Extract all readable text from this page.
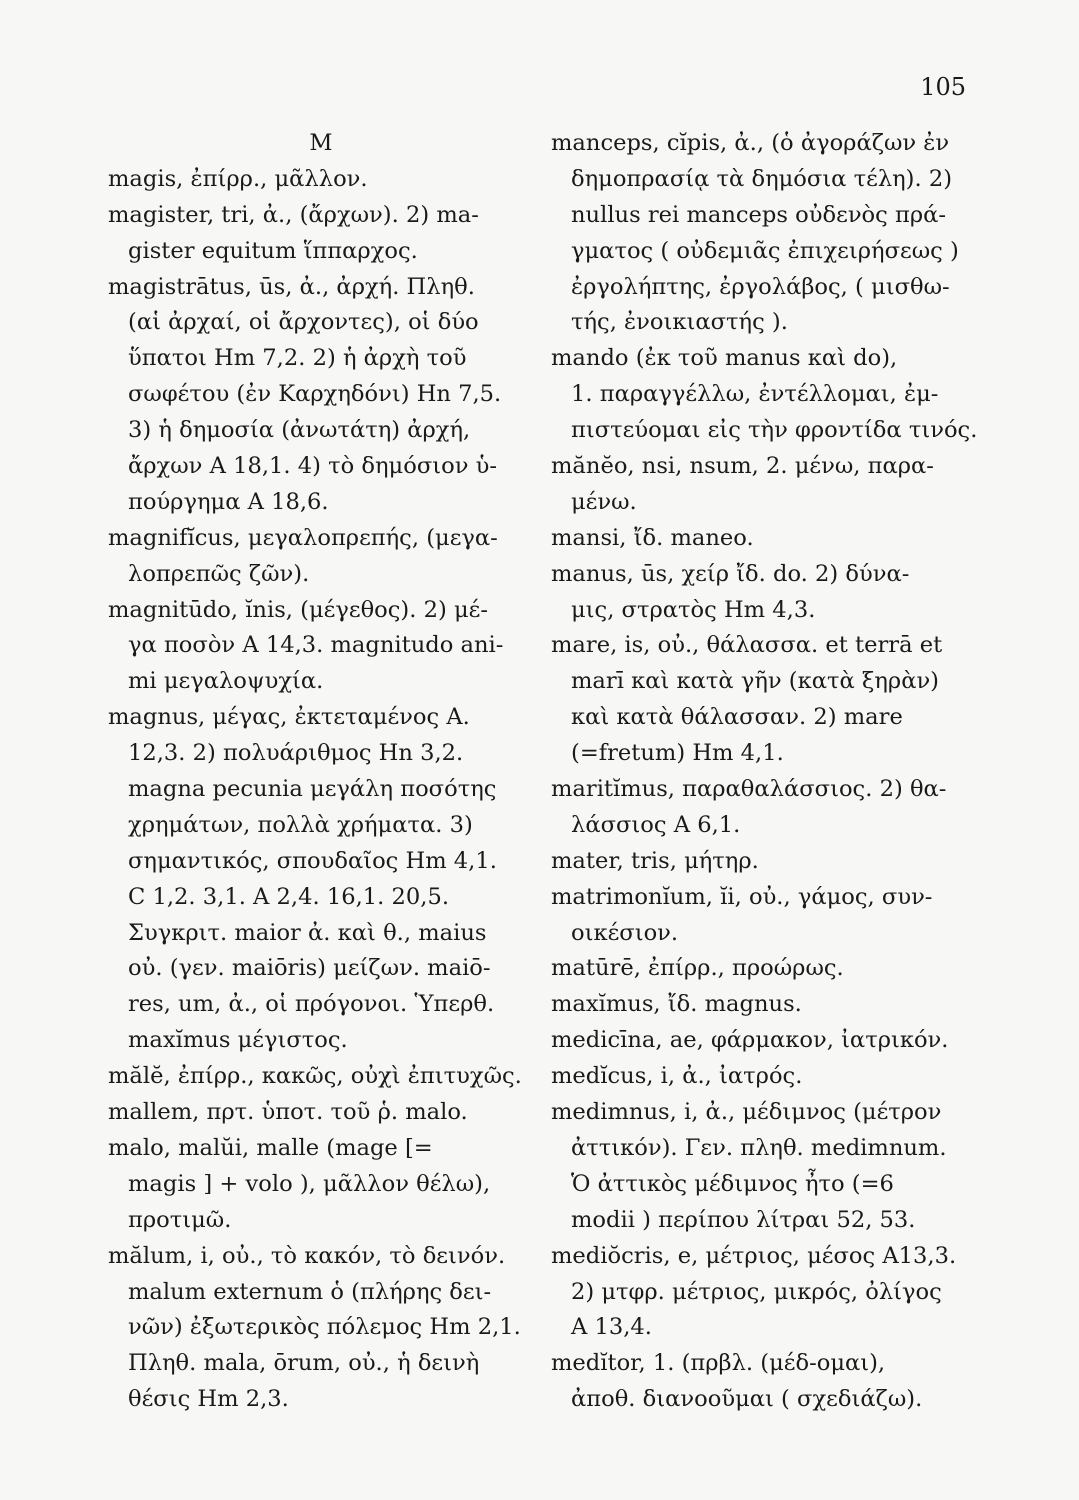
105
M
magis, ἐπίρρ., μᾶλλον.
magister, tri, ἀ., (ἄρχων). 2) ma-
gister equitum ἵππαρχος.
magistrātus, ūs, ἀ., ἀρχή. Πληθ.
(αἱ ἀρχαί, οἱ ἄρχοντες), οἱ δύο
ὕπατοι Hm 7,2. 2) ἡ ἀρχὴ τοῦ
σωφέτου (ἐν Καρχηδόνι) Hn 7,5.
3) ἡ δημοσία (ἀνωτάτη) ἀρχή,
ἄρχων A 18,1. 4) τὸ δημόσιον ὑ-
πούργημα A 18,6.
magnifĭcus, μεγαλοπρεπής, (μεγα-
λοπρεπῶς ζῶν).
magnitūdo, ĭnis, (μέγεθος). 2) μέ-
γα ποσὸν A 14,3. magnitudo ani-
mi μεγαλοψυχία.
magnus, μέγας, ἐκτεταμένος A.
12,3. 2) πολυάριθμος Hn 3,2.
magna pecunia μεγάλη ποσότης
χρημάτων, πολλὰ χρήματα. 3)
σημαντικός, σπουδαῖος Hm 4,1.
C 1,2. 3,1. A 2,4. 16,1. 20,5.
Συγκριτ. maior ἀ. καὶ θ., maius
οὐ. (γεν. maiōris) μείζων. maiō-
res, um, ἀ., οἱ πρόγονοι. Ὑπερθ.
maxĭmus μέγιστος.
mălĕ, ἐπίρρ., κακῶς, οὐχὶ ἐπιτυχῶς.
mallem, πρτ. ὑποτ. τοῦ ῥ. malo.
malo, malŭi, malle (mage [=
magis ] + volo ), μᾶλλον θέλω),
προτιμῶ.
mălum, i, οὐ., τὸ κακόν, τὸ δεινόν.
malum externum ὁ (πλήρης δει-
νῶν) ἐξωτερικὸς πόλεμος Hm 2,1.
Πληθ. mala, ōrum, οὐ., ἡ δεινὴ
θέσις Hm 2,3.
manceps, cĭpis, ἀ., (ὁ ἀγοράζων ἐν
δημοπρασίᾳ τὰ δημόσια τέλη). 2)
nullus rei manceps οὐδενὸς πρά-
γματος ( οὐδεμιᾶς ἐπιχειρήσεως )
ἐργολήπτης, ἐργολάβος, ( μισθω-
τής, ἐνοικιαστής ).
mando (ἐκ τοῦ manus καὶ do),
1. παραγγέλλω, ἐντέλλομαι, ἐμ-
πιστεύομαι εἰς τὴν φροντίδα τινός.
mănĕo, nsi, nsum, 2. μένω, παρα-
μένω.
mansi, ἴδ. maneo.
manus, ūs, χείρ ἴδ. do. 2) δύνα-
μις, στρατὸς Hm 4,3.
mare, is, οὐ., θάλασσα. et terrā et
marī καὶ κατὰ γῆν (κατὰ ξηρὰν)
καὶ κατὰ θάλασσαν. 2) mare
(=fretum) Hm 4,1.
maritĭmus, παραθαλάσσιος. 2) θα-
λάσσιος A 6,1.
mater, tris, μήτηρ.
matrimonĭum, ĭi, οὐ., γάμος, συν-
οικέσιον.
matūrē, ἐπίρρ., προώρως.
maxĭmus, ἴδ. magnus.
medicīna, ae, φάρμακον, ἰατρικόν.
medĭcus, i, ἀ., ἰατρός.
medimnus, i, ἀ., μέδιμνος (μέτρον
ἀττικόν). Γεν. πληθ. medimnum.
Ὁ ἀττικὸς μέδιμνος ἦτο (=6
modii ) περίπου λίτραι 52, 53.
mediŏcris, e, μέτριος, μέσος A13,3.
2) μτφρ. μέτριος, μικρός, ὀλίγος
A 13,4.
medĭtor, 1. (πρβλ. (μέδ-ομαι),
ἀποθ. διανοοῦμαι ( σχεδιάζω).
